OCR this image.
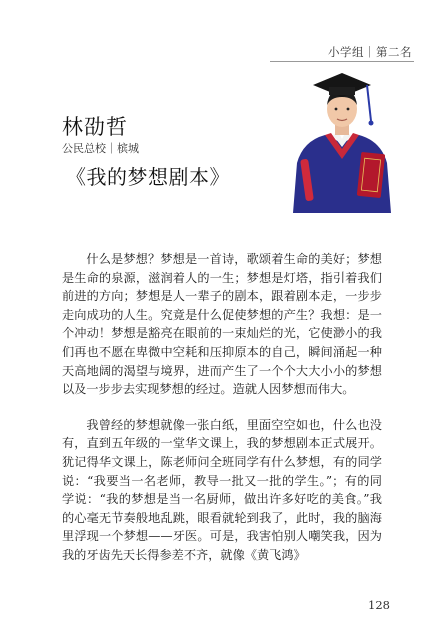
小学组｜第二名
林劭哲
公民总校｜槟城
《我的梦想剧本》

什么是梦想？梦想是一首诗，歌颂着生命的美好；梦想是生命的泉源，滋润着人的一生；梦想是灯塔，指引着我们前进的方向；梦想是人一辈子的剧本，跟着剧本走，一步步走向成功的人生。究竟是什么促使梦想的产生？我想：是一个冲动！梦想是豁亮在眼前的一束灿烂的光，它使渺小的我们再也不愿在卑微中空耗和压抑原本的自己，瞬间涌起一种天高地阔的渴望与境界，进而产生了一个个大大小小的梦想以及一步步去实现梦想的经过。造就人因梦想而伟大。

我曾经的梦想就像一张白纸，里面空空如也，什么也没有，直到五年级的一堂华文课上，我的梦想剧本正式展开。犹记得华文课上，陈老师问全班同学有什么梦想，有的同学说：“我要当一名老师，教导一批又一批的学生。”；有的同学说：“我的梦想是当一名厨师，做出许多好吃的美食。”我的心毫无节奏般地乱跳，眼看就轮到我了，此时，我的脑海里浮现一个梦想——牙医。可是，我害怕别人嘲笑我，因为我的牙齿先天长得参差不齐，就像《黄飞鸿》

128
